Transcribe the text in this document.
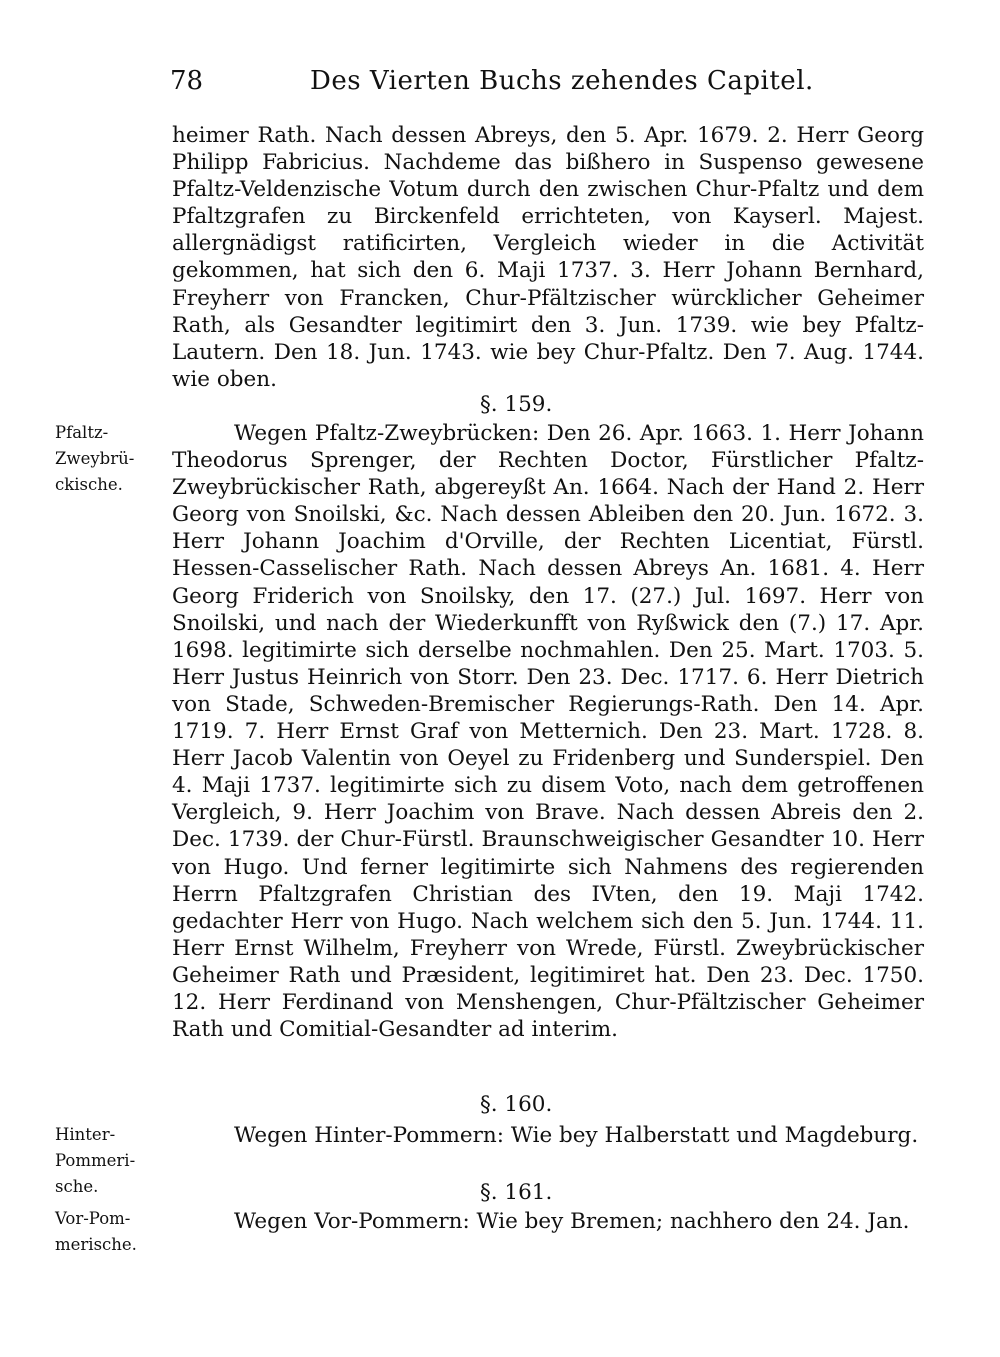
78	Des Vierten Buchs zehendes Capitel.

heimer Rath. Nach dessen Abreys, den 5. Apr. 1679. 2. Herr Georg Philipp Fabricius. Nachdeme das bißhero in Suspenso gewesene Pfaltz-Veldenzische Votum durch den zwischen Chur-Pfaltz und dem Pfaltzgrafen zu Birckenfeld errichteten, von Kayserl. Majest. allergnädigst ratificirten, Vergleich wieder in die Activität gekommen, hat sich den 6. Maji 1737. 3. Herr Johann Bernhard, Freyherr von Francken, Chur-Pfältzischer würcklicher Geheimer Rath, als Gesandter legitimirt den 3. Jun. 1739. wie bey Pfaltz-Lautern. Den 18. Jun. 1743. wie bey Chur-Pfaltz. Den 7. Aug. 1744. wie oben.

§. 159.
Pfaltz-
Zweybrü-
ckische.

Wegen Pfaltz-Zweybrücken: Den 26. Apr. 1663. 1. Herr Johann Theodorus Sprenger, der Rechten Doctor, Fürstlicher Pfaltz-Zweybrückischer Rath, abgereyßt An. 1664. Nach der Hand 2. Herr Georg von Snoilski, &c. Nach dessen Ableiben den 20. Jun. 1672. 3. Herr Johann Joachim d'Orville, der Rechten Licentiat, Fürstl. Hessen-Casselischer Rath. Nach dessen Abreys An. 1681. 4. Herr Georg Friderich von Snoilsky, den 17. (27.) Jul. 1697. Herr von Snoilski, und nach der Wiederkunfft von Ryßwick den (7.) 17. Apr. 1698. legitimirte sich derselbe nochmahlen. Den 25. Mart. 1703. 5. Herr Justus Heinrich von Storr. Den 23. Dec. 1717. 6. Herr Dietrich von Stade, Schweden-Bremischer Regierungs-Rath. Den 14. Apr. 1719. 7. Herr Ernst Graf von Metternich. Den 23. Mart. 1728. 8. Herr Jacob Valentin von Oeyel zu Fridenberg und Sunderspiel. Den 4. Maji 1737. legitimirte sich zu disem Voto, nach dem getroffenen Vergleich, 9. Herr Joachim von Brave. Nach dessen Abreis den 2. Dec. 1739. der Chur-Fürstl. Braunschweigischer Gesandter 10. Herr von Hugo. Und ferner legitimirte sich Nahmens des regierenden Herrn Pfaltzgrafen Christian des IVten, den 19. Maji 1742. gedachter Herr von Hugo. Nach welchem sich den 5. Jun. 1744. 11. Herr Ernst Wilhelm, Freyherr von Wrede, Fürstl. Zweybrückischer Geheimer Rath und Præsident, legitimiret hat. Den 23. Dec. 1750. 12. Herr Ferdinand von Menshengen, Chur-Pfältzischer Geheimer Rath und Comitial-Gesandter ad interim.

§. 160.
Hinter-
Pommeri-
sche.

Wegen Hinter-Pommern: Wie bey Halberstatt und Magdeburg.

§. 161.
Vor-Pom-
merische.

Wegen Vor-Pommern: Wie bey Bremen; nachhero den 24. Jan.
